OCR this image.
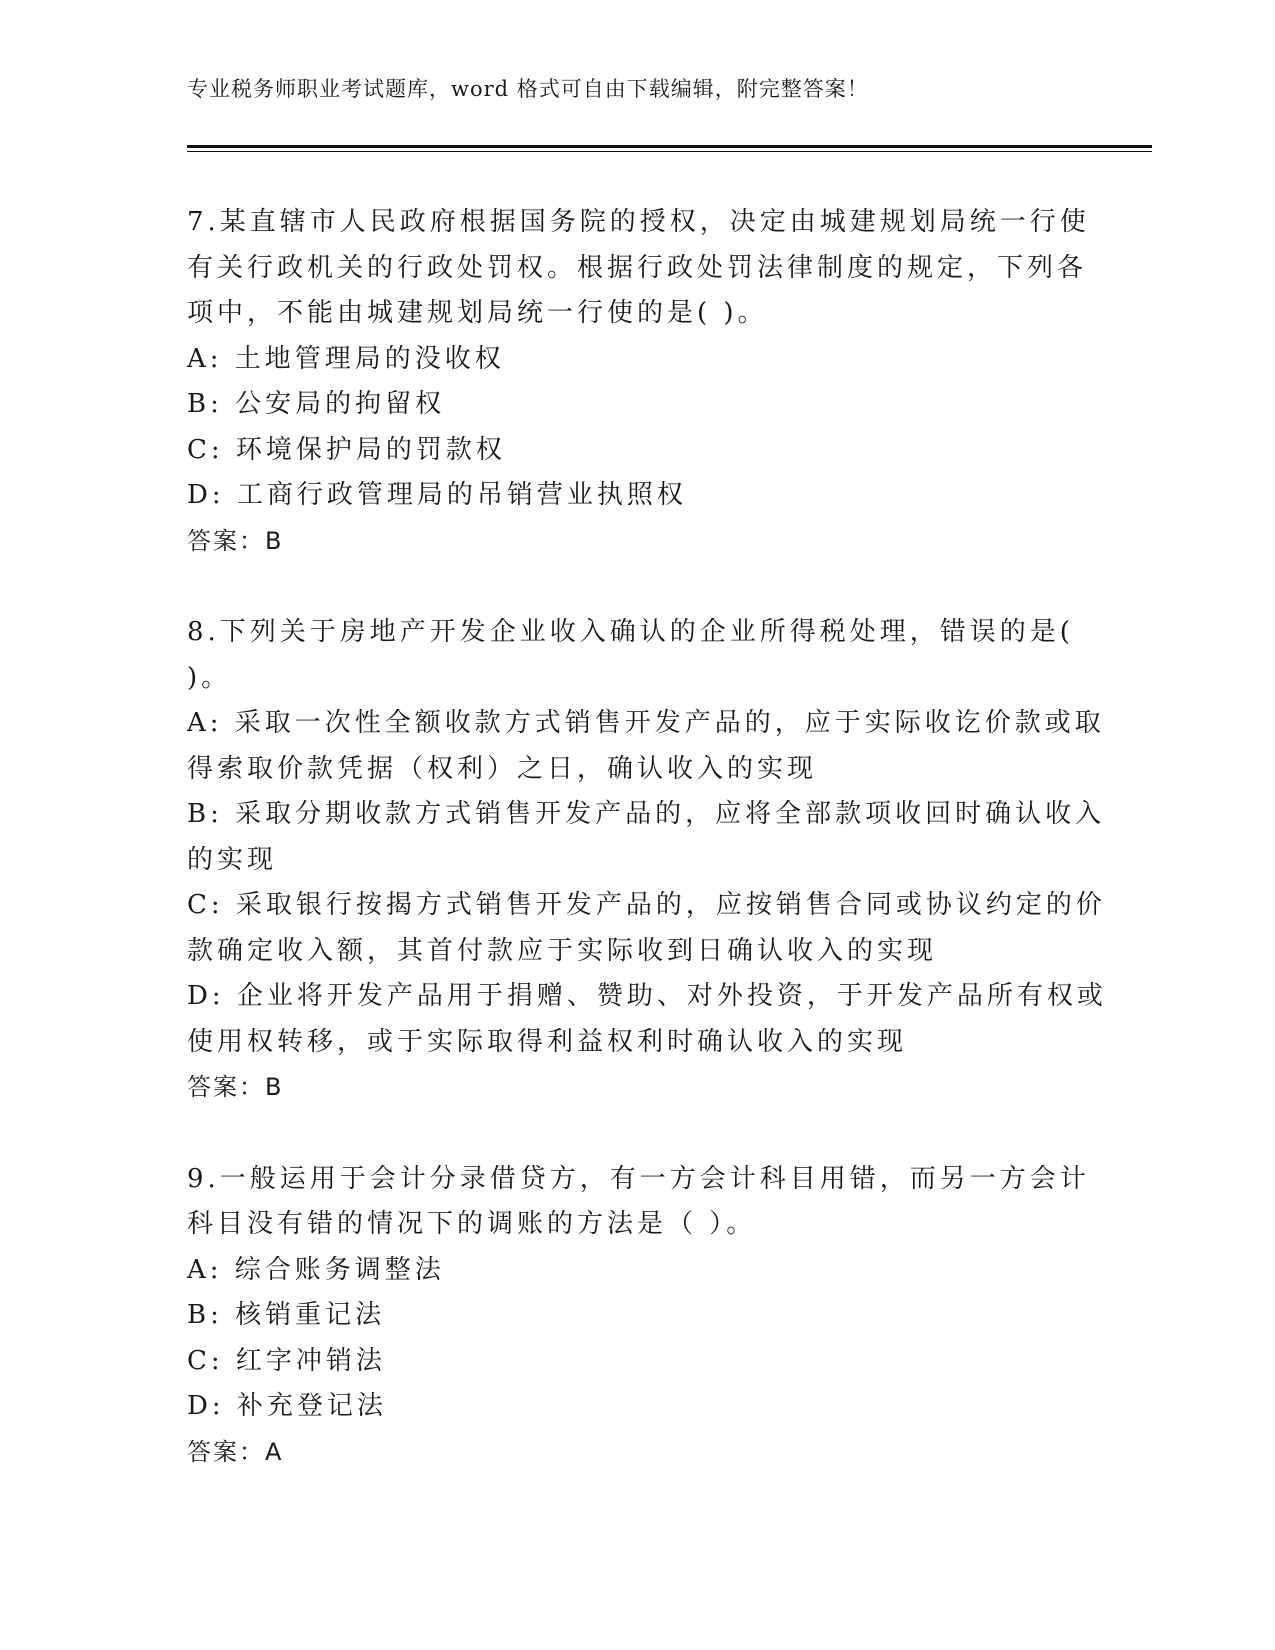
专业税务师职业考试题库，word 格式可自由下载编辑，附完整答案！
7.某直辖市人民政府根据国务院的授权，决定由城建规划局统一行使
有关行政机关的行政处罚权。根据行政处罚法律制度的规定，下列各
项中，不能由城建规划局统一行使的是( )。
A: 土地管理局的没收权
B: 公安局的拘留权
C: 环境保护局的罚款权
D: 工商行政管理局的吊销营业执照权
答案：B
8.下列关于房地产开发企业收入确认的企业所得税处理，错误的是(
)。
A: 采取一次性全额收款方式销售开发产品的，应于实际收讫价款或取
得索取价款凭据（权利）之日，确认收入的实现
B: 采取分期收款方式销售开发产品的，应将全部款项收回时确认收入
的实现
C: 采取银行按揭方式销售开发产品的，应按销售合同或协议约定的价
款确定收入额，其首付款应于实际收到日确认收入的实现
D: 企业将开发产品用于捐赠、赞助、对外投资，于开发产品所有权或
使用权转移，或于实际取得利益权利时确认收入的实现
答案：B
9.一般运用于会计分录借贷方，有一方会计科目用错，而另一方会计
科目没有错的情况下的调账的方法是（ ）。
A: 综合账务调整法
B: 核销重记法
C: 红字冲销法
D: 补充登记法
答案：A
